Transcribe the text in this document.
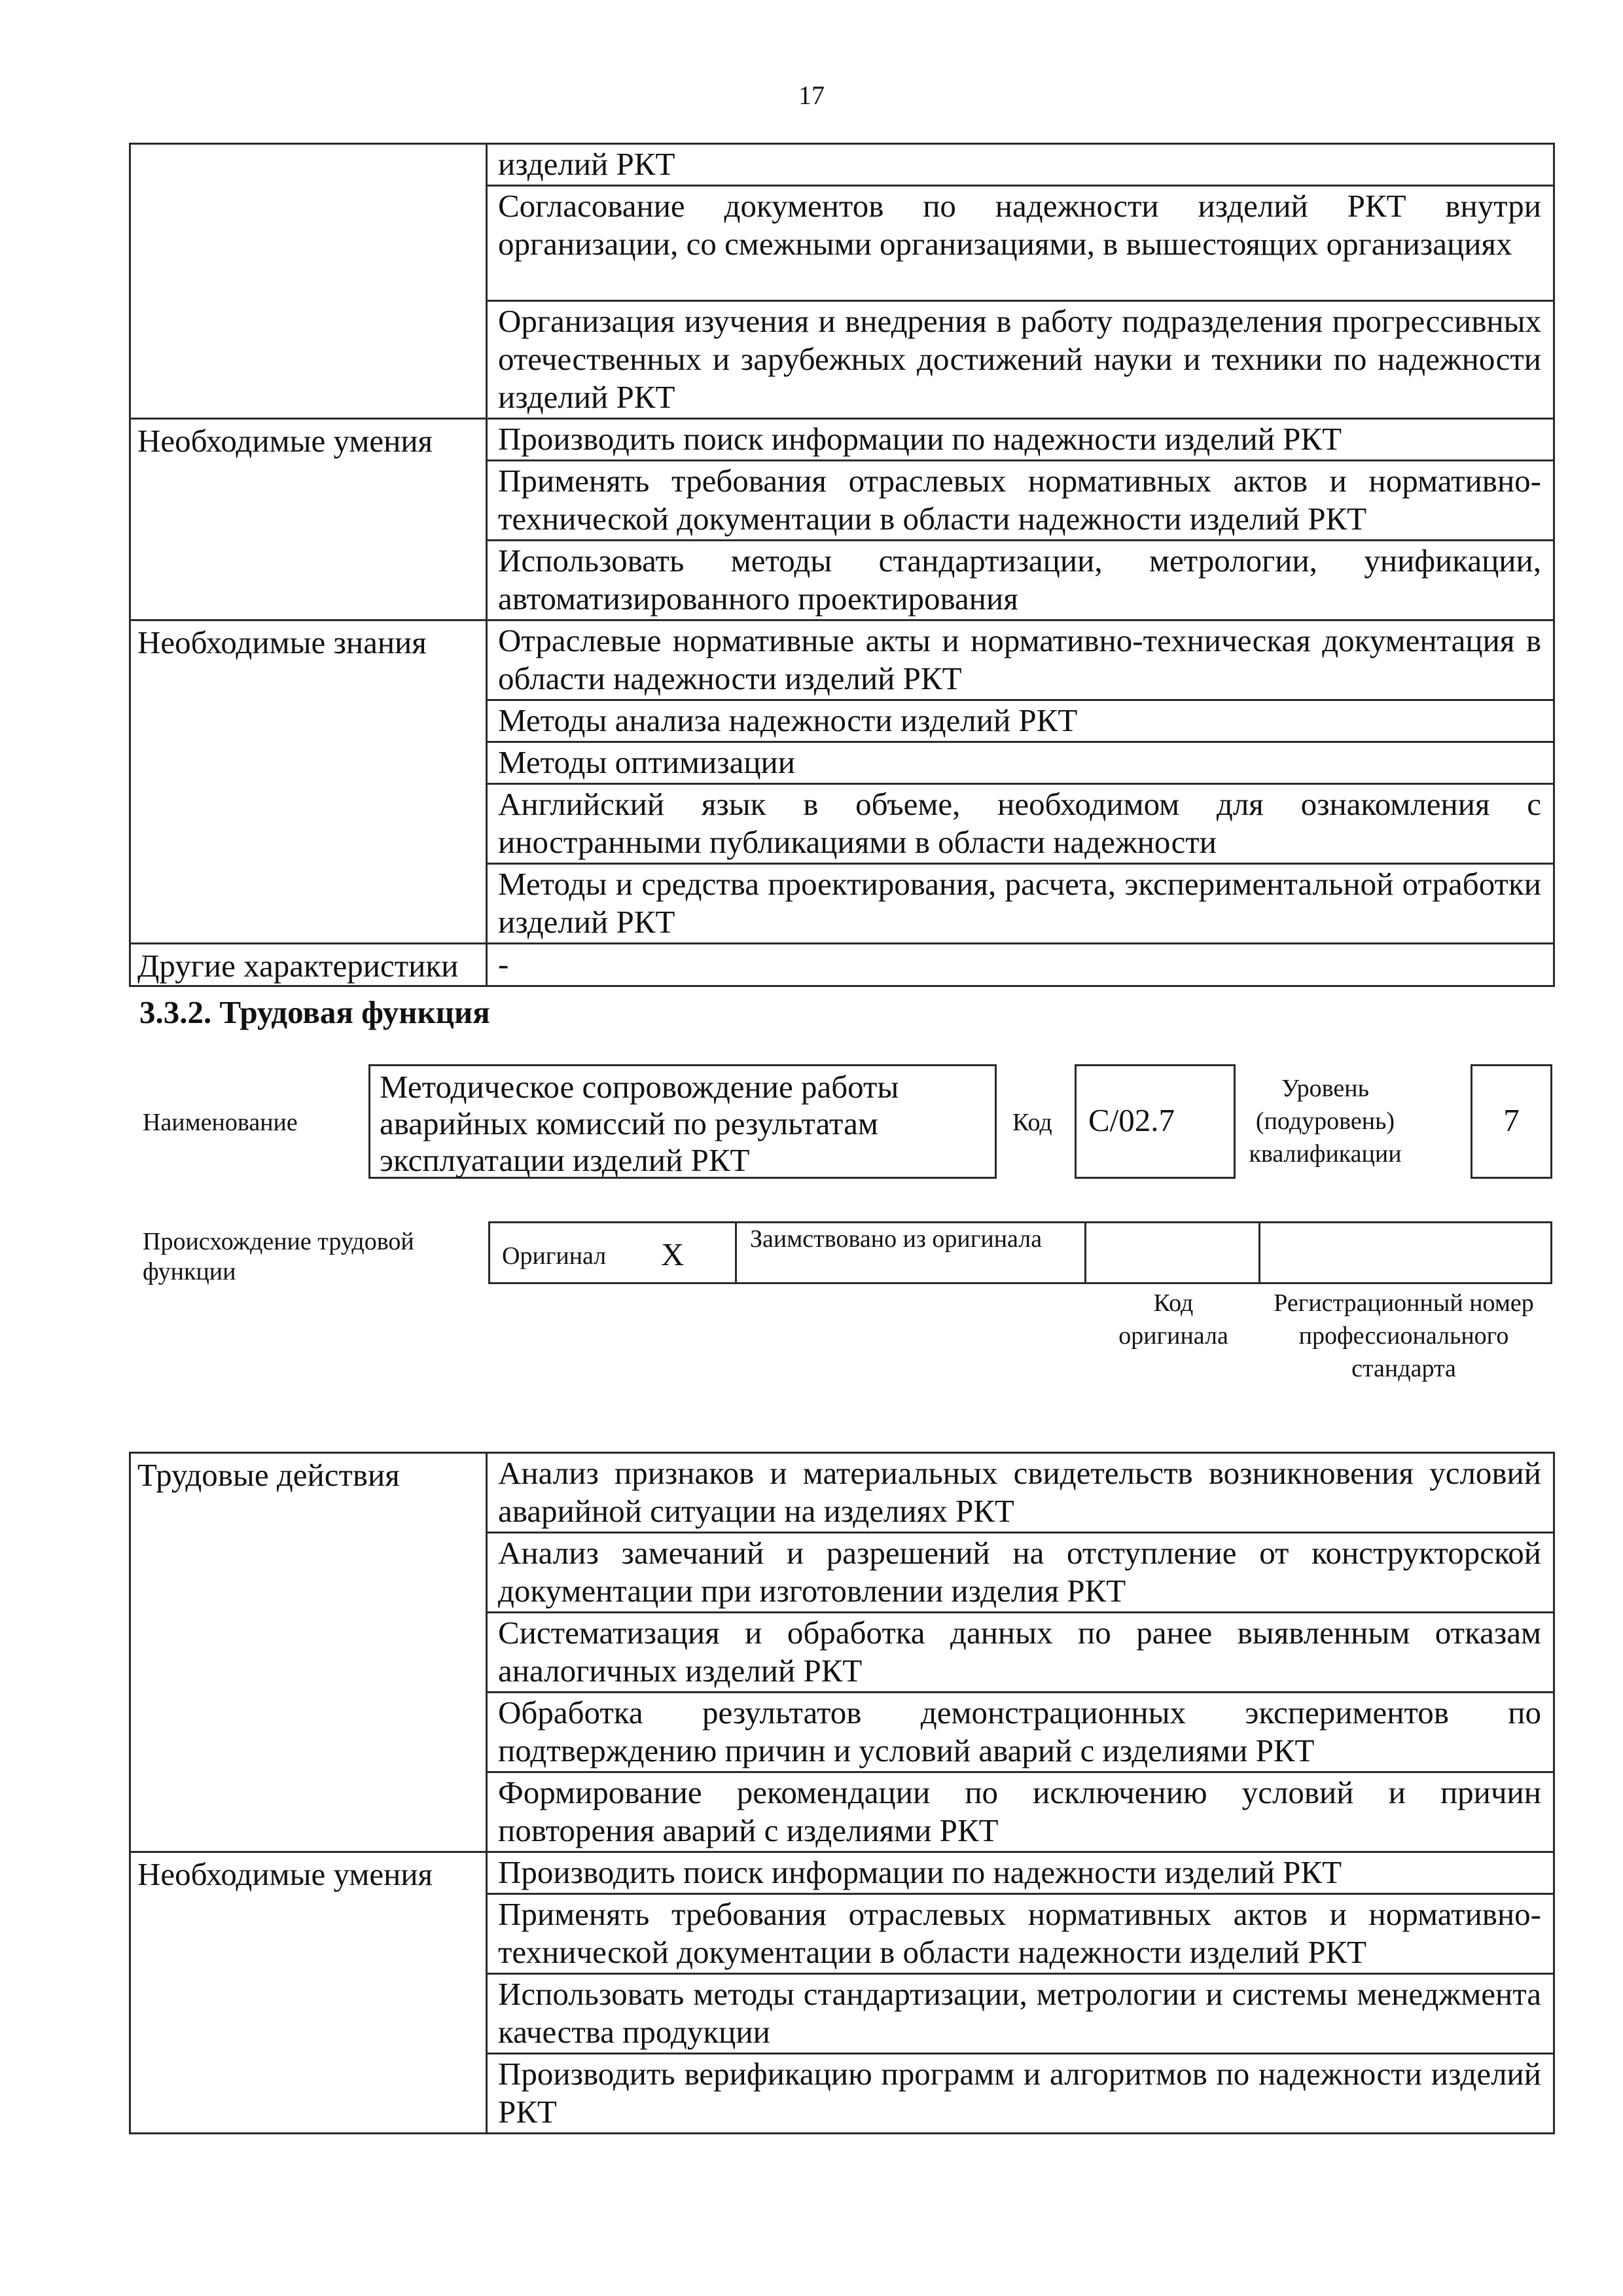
17
	изделий РКТ
	Согласование документов по надежности изделий РКТ внутри организации, со смежными организациями, в вышестоящих организациях
	Организация изучения и внедрения в работу подразделения прогрессивных отечественных и зарубежных достижений науки и техники по надежности изделий РКТ
Необходимые умения	Производить поиск информации по надежности изделий РКТ
	Применять требования отраслевых нормативных актов и нормативно-технической документации в области надежности изделий РКТ
	Использовать методы стандартизации, метрологии, унификации, автоматизированного проектирования
Необходимые знания	Отраслевые нормативные акты и нормативно-техническая документация в области надежности изделий РКТ
	Методы анализа надежности изделий РКТ
	Методы оптимизации
	Английский язык в объеме, необходимом для ознакомления с иностранными публикациями в области надежности
	Методы и средства проектирования, расчета, экспериментальной отработки изделий РКТ
Другие характеристики	-
3.3.2. Трудовая функция
Наименование
Методическое сопровождение работы аварийных комиссий по результатам эксплуатации изделий РКТ
Код	C/02.7
Уровень (подуровень) квалификации
7
Происхождение трудовой функции
Оригинал X	Заимствовано из оригинала
Код оригинала
Регистрационный номер профессионального стандарта
Трудовые действия	Анализ признаков и материальных свидетельств возникновения условий аварийной ситуации на изделиях РКТ
	Анализ замечаний и разрешений на отступление от конструкторской документации при изготовлении изделия РКТ
	Систематизация и обработка данных по ранее выявленным отказам аналогичных изделий РКТ
	Обработка результатов демонстрационных экспериментов по подтверждению причин и условий аварий с изделиями РКТ
	Формирование рекомендации по исключению условий и причин повторения аварий с изделиями РКТ
Необходимые умения	Производить поиск информации по надежности изделий РКТ
	Применять требования отраслевых нормативных актов и нормативно-технической документации в области надежности изделий РКТ
	Использовать методы стандартизации, метрологии и системы менеджмента качества продукции
	Производить верификацию программ и алгоритмов по надежности изделий РКТ
